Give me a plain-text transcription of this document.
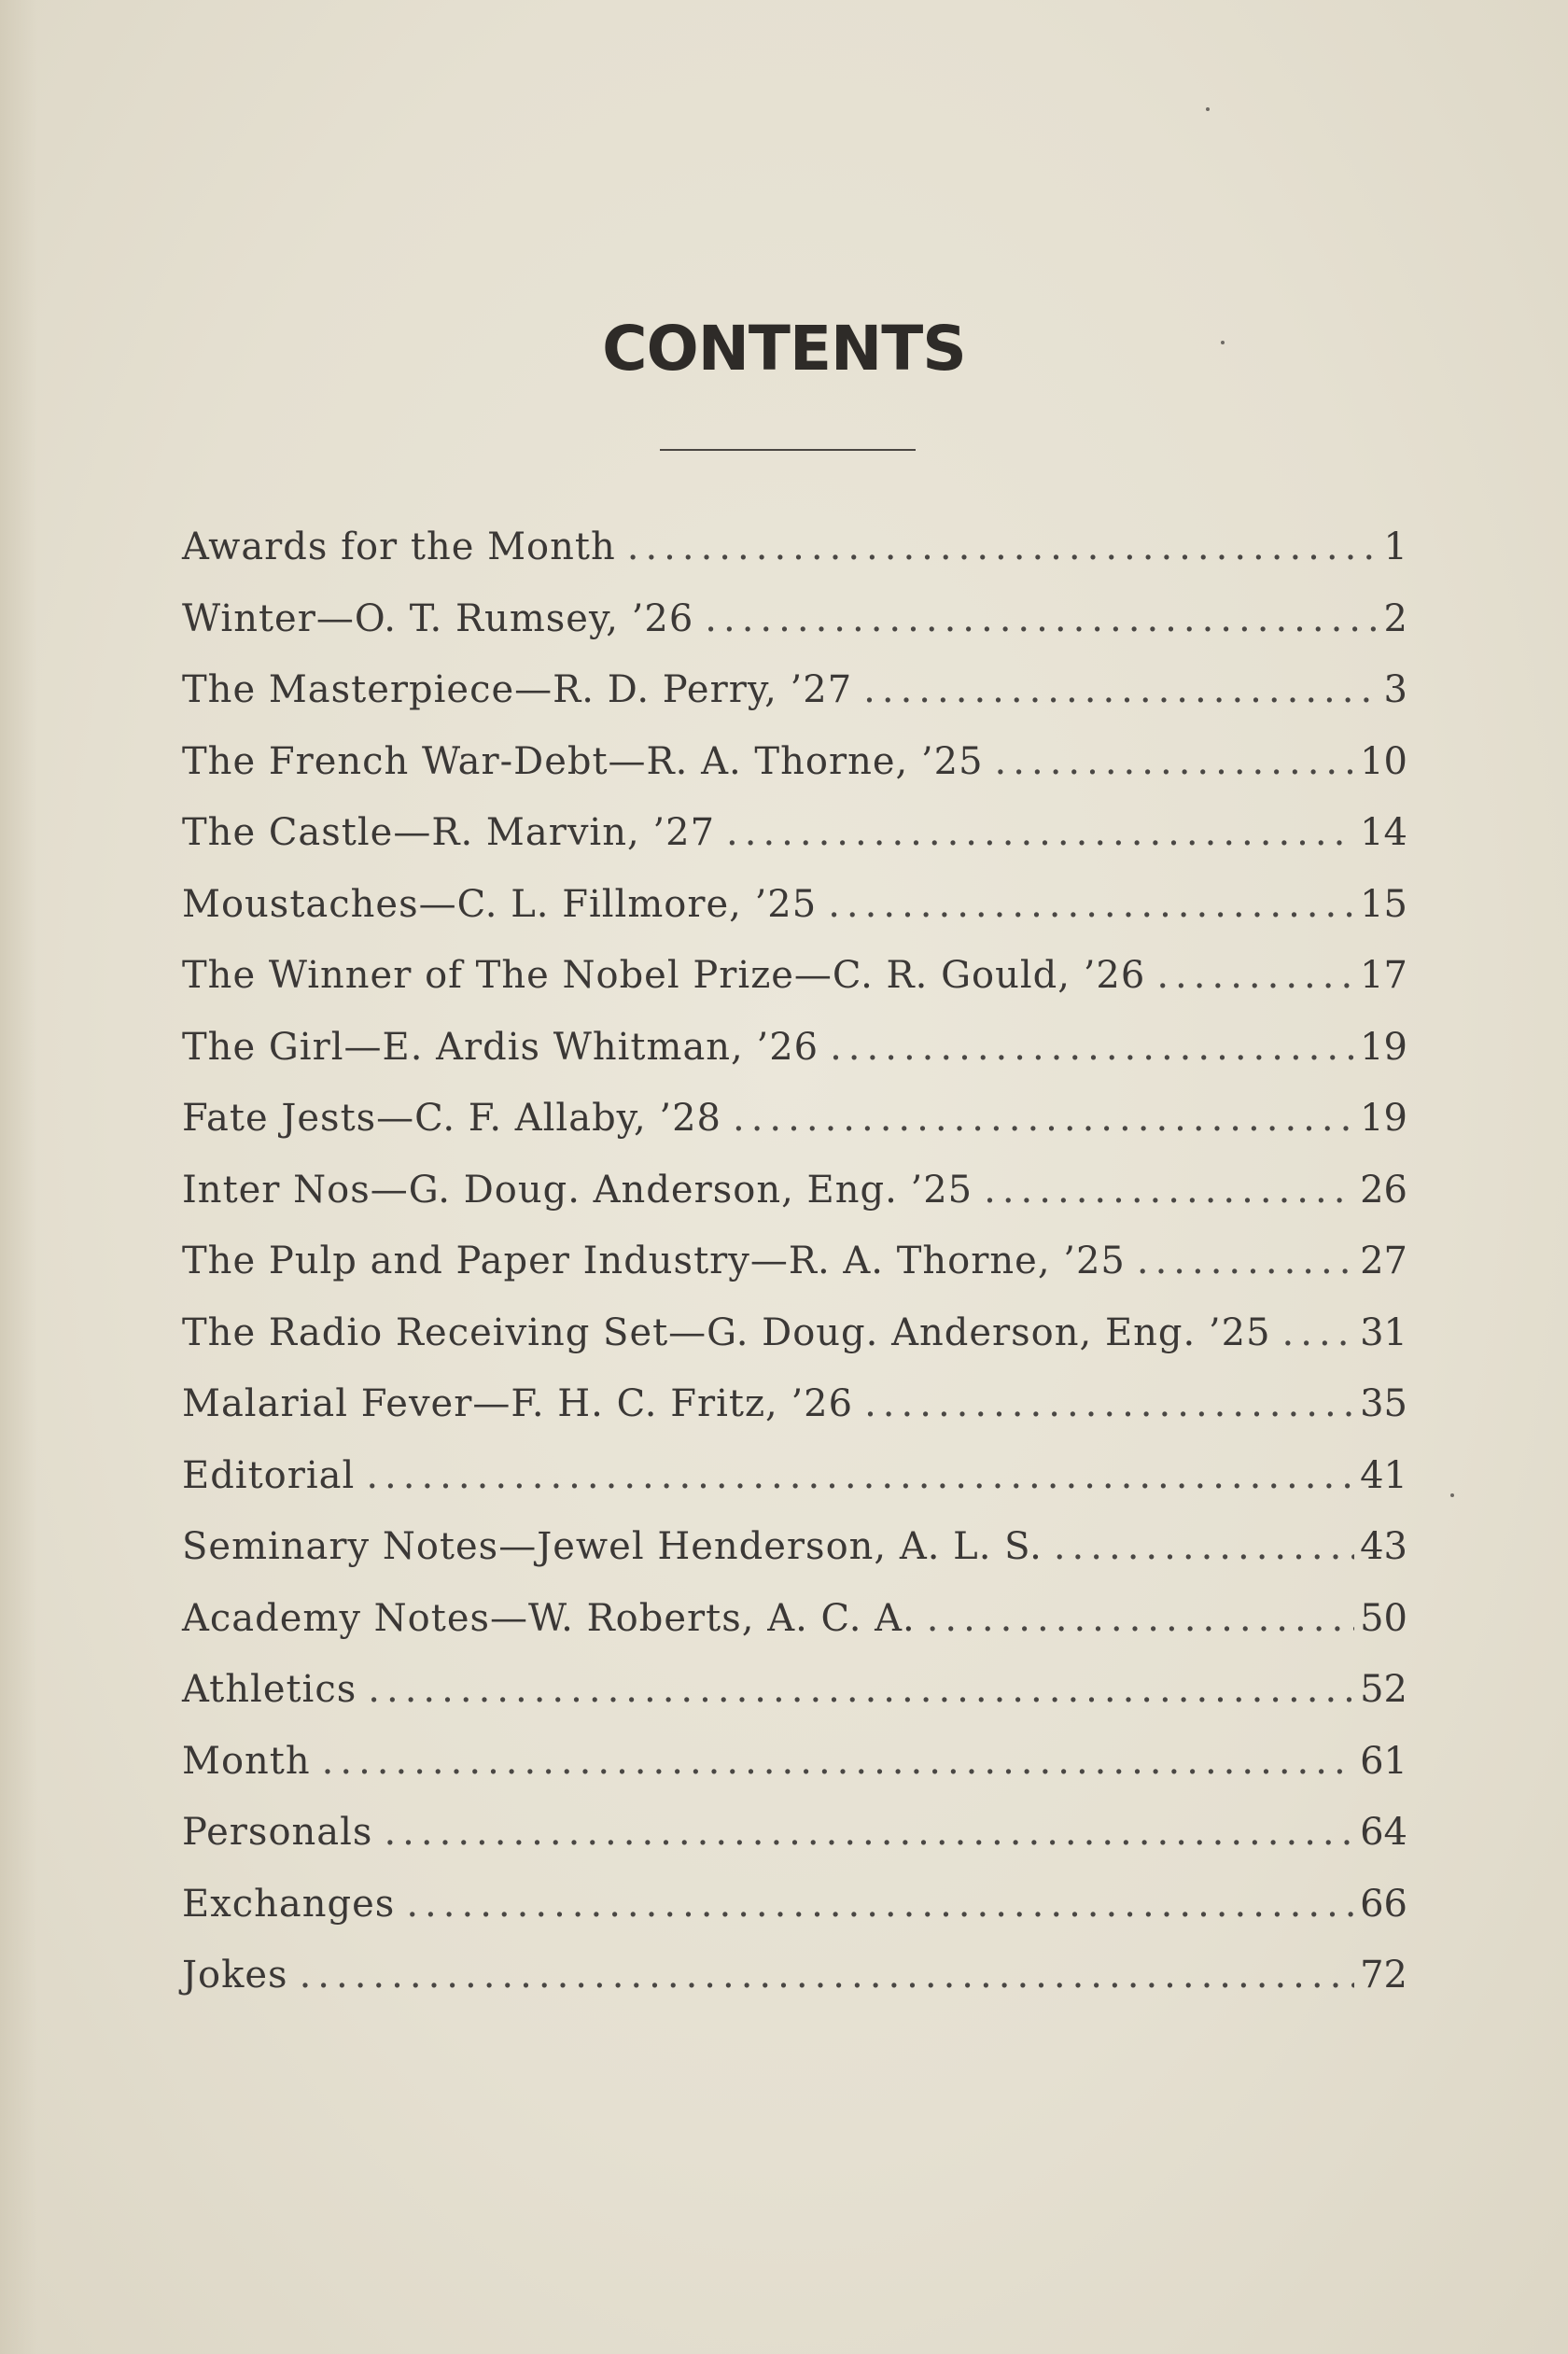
CONTENTS
Awards for the Month .....	1
Winter—O. T. Rumsey, ’26 .....	2
The Masterpiece—R. D. Perry, ’27 .....	3
The French War-Debt—R. A. Thorne, ’25 .....	10
The Castle—R. Marvin, ’27 .....	14
Moustaches—C. L. Fillmore, ’25 .....	15
The Winner of The Nobel Prize—C. R. Gould, ’26 .....	17
The Girl—E. Ardis Whitman, ’26 .....	19
Fate Jests—C. F. Allaby, ’28 .....	19
Inter Nos—G. Doug. Anderson, Eng. ’25 .....	26
The Pulp and Paper Industry—R. A. Thorne, ’25 .....	27
The Radio Receiving Set—G. Doug. Anderson, Eng. ’25 ..... 31
Malarial Fever—F. H. C. Fritz, ’26 .....	35
Editorial .....	41
Seminary Notes—Jewel Henderson, A. L. S. .....	43
Academy Notes—W. Roberts, A. C. A. .....	50
Athletics .....	52
Month .....	61
Personals .....	64
Exchanges .....	66
Jokes .....	72
